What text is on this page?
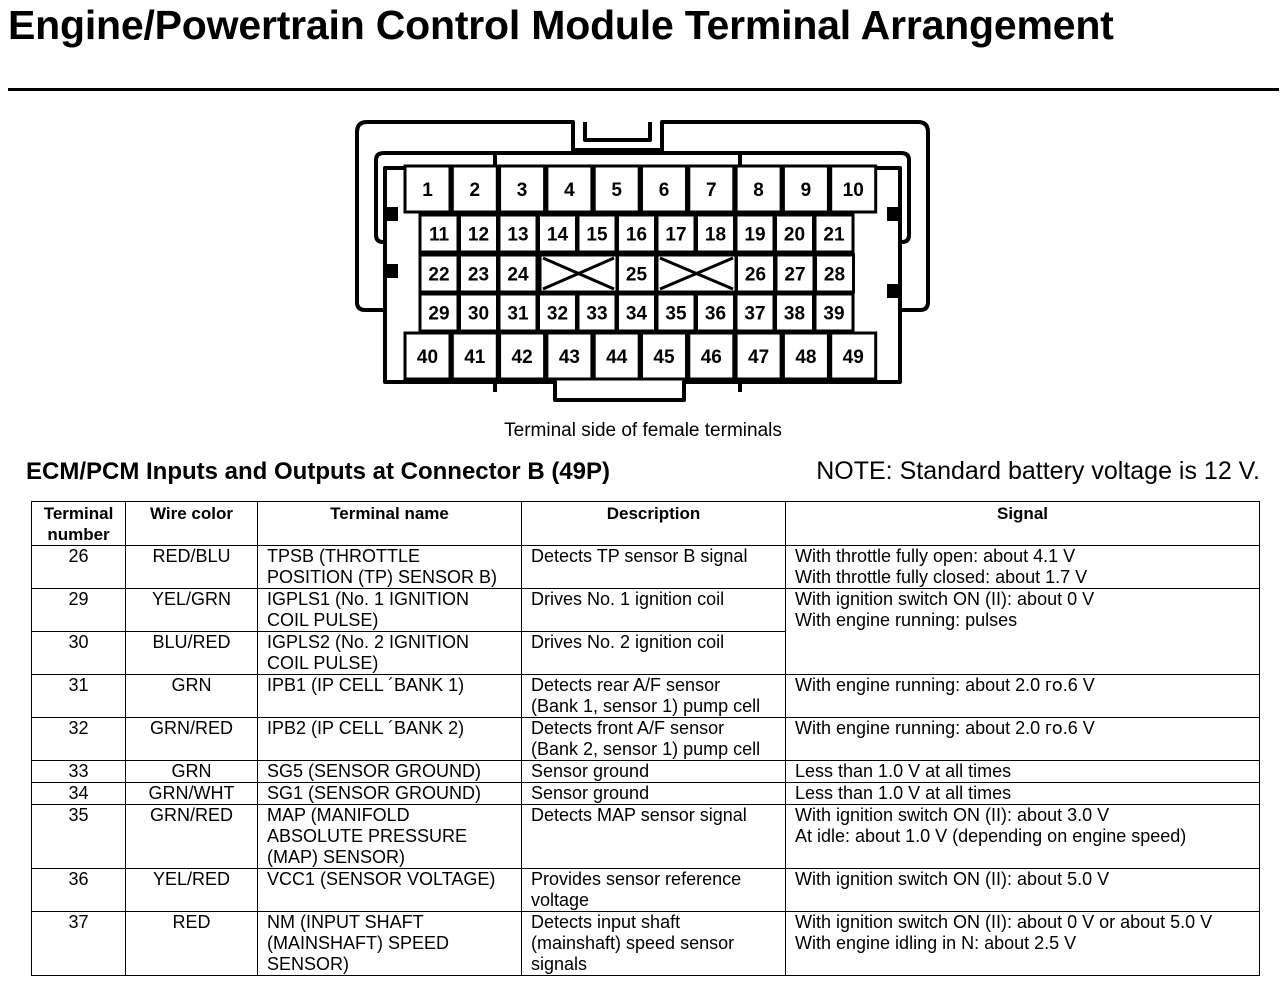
Engine/Powertrain Control Module Terminal Arrangement
1 2 3 4 5 6 7 8 9 10
11 12 13 14 15 16 17 18 19 20 21
22 23 24	25	26 27 28
29 30 31 32 33 34 35 36 37 38 39
40 41 42 43 44 45 46 47 48 49
Terminal side of female terminals
ECM/PCM Inputs and Outputs at Connector B (49P)	NOTE: Standard battery voltage is 12 V.
Terminal number	Wire color	Terminal name	Description	Signal
26	RED/BLU	TPSB (THROTTLE
POSITION (TP) SENSOR B)	Detects TP sensor B signal	With throttle fully open: about 4.1 V
With throttle fully closed: about 1.7 V

29	YEL/GRN	IGPLS1 (No. 1 IGNITION
COIL PULSE)	Drives No. 1 ignition coil	With ignition switch ON (II): about 0 V
With engine running: pulses

30	BLU/RED	IGPLS2 (No. 2 IGNITION
COIL PULSE)	Drives No. 2 ignition coil	

31	GRN	IPB1 (IP CELL ´BANK 1)	Detects rear A/F sensor
(Bank 1, sensor 1) pump cell	With engine running: about 2.0 гօ.6 V

32	GRN/RED	IPB2 (IP CELL ´BANK 2)	Detects front A/F sensor
(Bank 2, sensor 1) pump cell	With engine running: about 2.0 гօ.6 V

33	GRN	SG5 (SENSOR GROUND)	Sensor ground	Less than 1.0 V at all times

34	GRN/WHT	SG1 (SENSOR GROUND)	Sensor ground	Less than 1.0 V at all times

35	GRN/RED	MAP (MANIFOLD
ABSOLUTE PRESSURE
(MAP) SENSOR)	Detects MAP sensor signal	With ignition switch ON (II): about 3.0 V
At idle: about 1.0 V (depending on engine speed)

36	YEL/RED	VCC1 (SENSOR VOLTAGE)	Provides sensor reference
voltage	With ignition switch ON (II): about 5.0 V

37	RED	NM (INPUT SHAFT
(MAINSHAFT) SPEED
SENSOR)	Detects input shaft
(mainshaft) speed sensor
signals	With ignition switch ON (II): about 0 V or about 5.0 V
With engine idling in N: about 2.5 V
